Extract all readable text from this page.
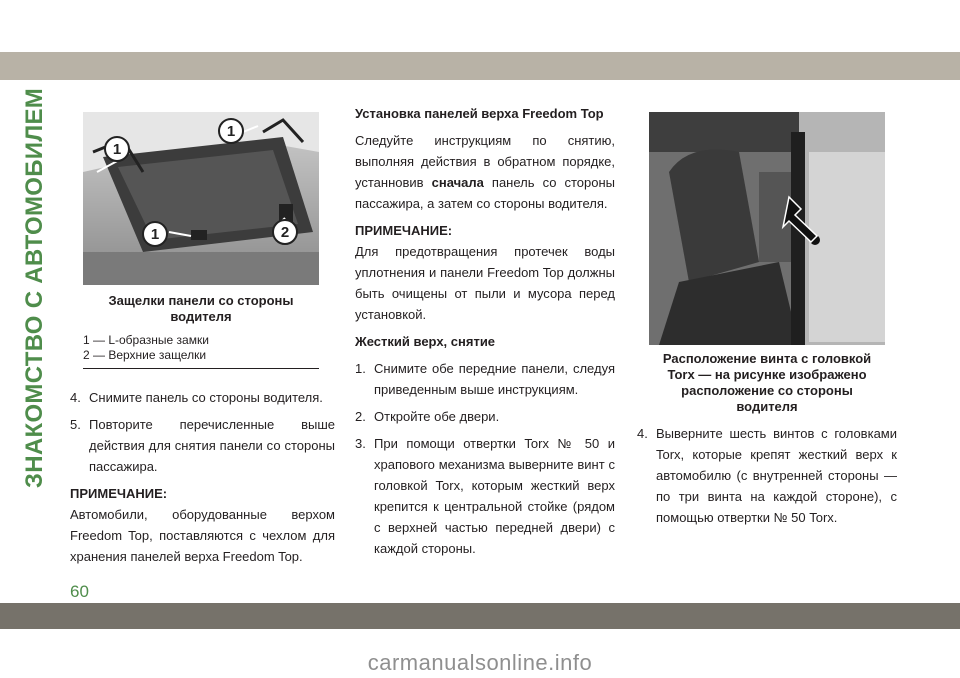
ЗНАКОМСТВО С АВТОМОБИЛЕМ	1
1
1	2
Защелки панели со стороны водителя
1 — L-образные замки
2 — Верхние защелки
4. Снимите панель со стороны водителя.
5. Повторите перечисленные выше действия для снятия панели со стороны пассажира.
ПРИМЕЧАНИЕ:
Автомобили, оборудованные верхом Freedom Top, поставляются с чехлом для хранения панелей верха Freedom Top.
Установка панелей верха Freedom Top
Следуйте инструкциям по снятию, выполняя действия в обратном порядке, устанновив сначала панель со стороны пассажира, а затем со стороны водителя.
ПРИМЕЧАНИЕ:
Для предотвращения протечек воды уплотнения и панели Freedom Top должны быть очищены от пыли и мусора перед установкой.
Жесткий верх, снятие
1. Снимите обе передние панели, следуя приведенным выше инструкциям.
2. Откройте обе двери.
3. При помощи отвертки Torx № 50 и храпового механизма выверните винт с головкой Torx, которым жесткий верх крепится к центральной стойке (рядом с верхней частью передней двери) с каждой стороны.
Расположение винта с головкой Torx — на рисунке изображено расположение со стороны водителя
4. Выверните шесть винтов с головками Torx, которые крепят жесткий верх к автомобилю (с внутренней стороны — по три винта на каждой стороне), с помощью отвертки № 50 Torx.
60
carmanualsonline.info
